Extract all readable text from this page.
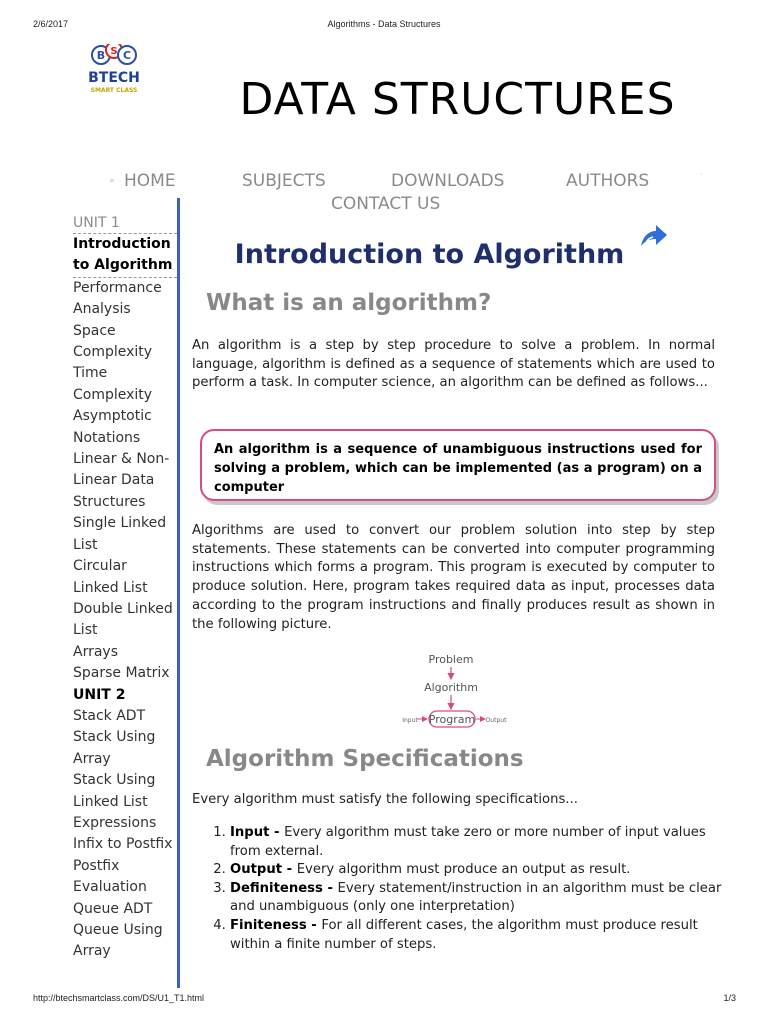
2/6/2017	Algorithms - Data Structures
B S C
BTECH
SMART CLASS	DATA STRUCTURES
» HOME	SUBJECTS	DOWNLOADS	AUTHORS	·
CONTACT US
UNIT 1
Introduction to Algorithm
Performance Analysis
Space Complexity
Time Complexity
Asymptotic Notations
Linear & Non-Linear Data Structures
Single Linked List
Circular Linked List
Double Linked List
Arrays
Sparse Matrix
UNIT 2
Stack ADT
Stack Using Array
Stack Using Linked List
Expressions
Infix to Postfix
Postfix Evaluation
Queue ADT
Queue Using Array
Introduction to Algorithm
What is an algorithm?

An algorithm is a step by step procedure to solve a problem. In normal language, algorithm is defined as a sequence of statements which are used to perform a task. In computer science, an algorithm can be defined as follows...

An algorithm is a sequence of unambiguous instructions used for solving a problem, which can be implemented (as a program) on a computer

Algorithms are used to convert our problem solution into step by step statements. These statements can be converted into computer programming instructions which forms a program. This program is executed by computer to produce solution. Here, program takes required data as input, processes data according to the program instructions and finally produces result as shown in the following picture.

Problem
Algorithm
Program
Input	Output
Algorithm Specifications

Every algorithm must satisfy the following specifications...

1. Input - Every algorithm must take zero or more number of input values from external.
2. Output - Every algorithm must produce an output as result.
3. Definiteness - Every statement/instruction in an algorithm must be clear and unambiguous (only one interpretation)
4. Finiteness - For all different cases, the algorithm must produce result within a finite number of steps.
http://btechsmartclass.com/DS/U1_T1.html	1/3
